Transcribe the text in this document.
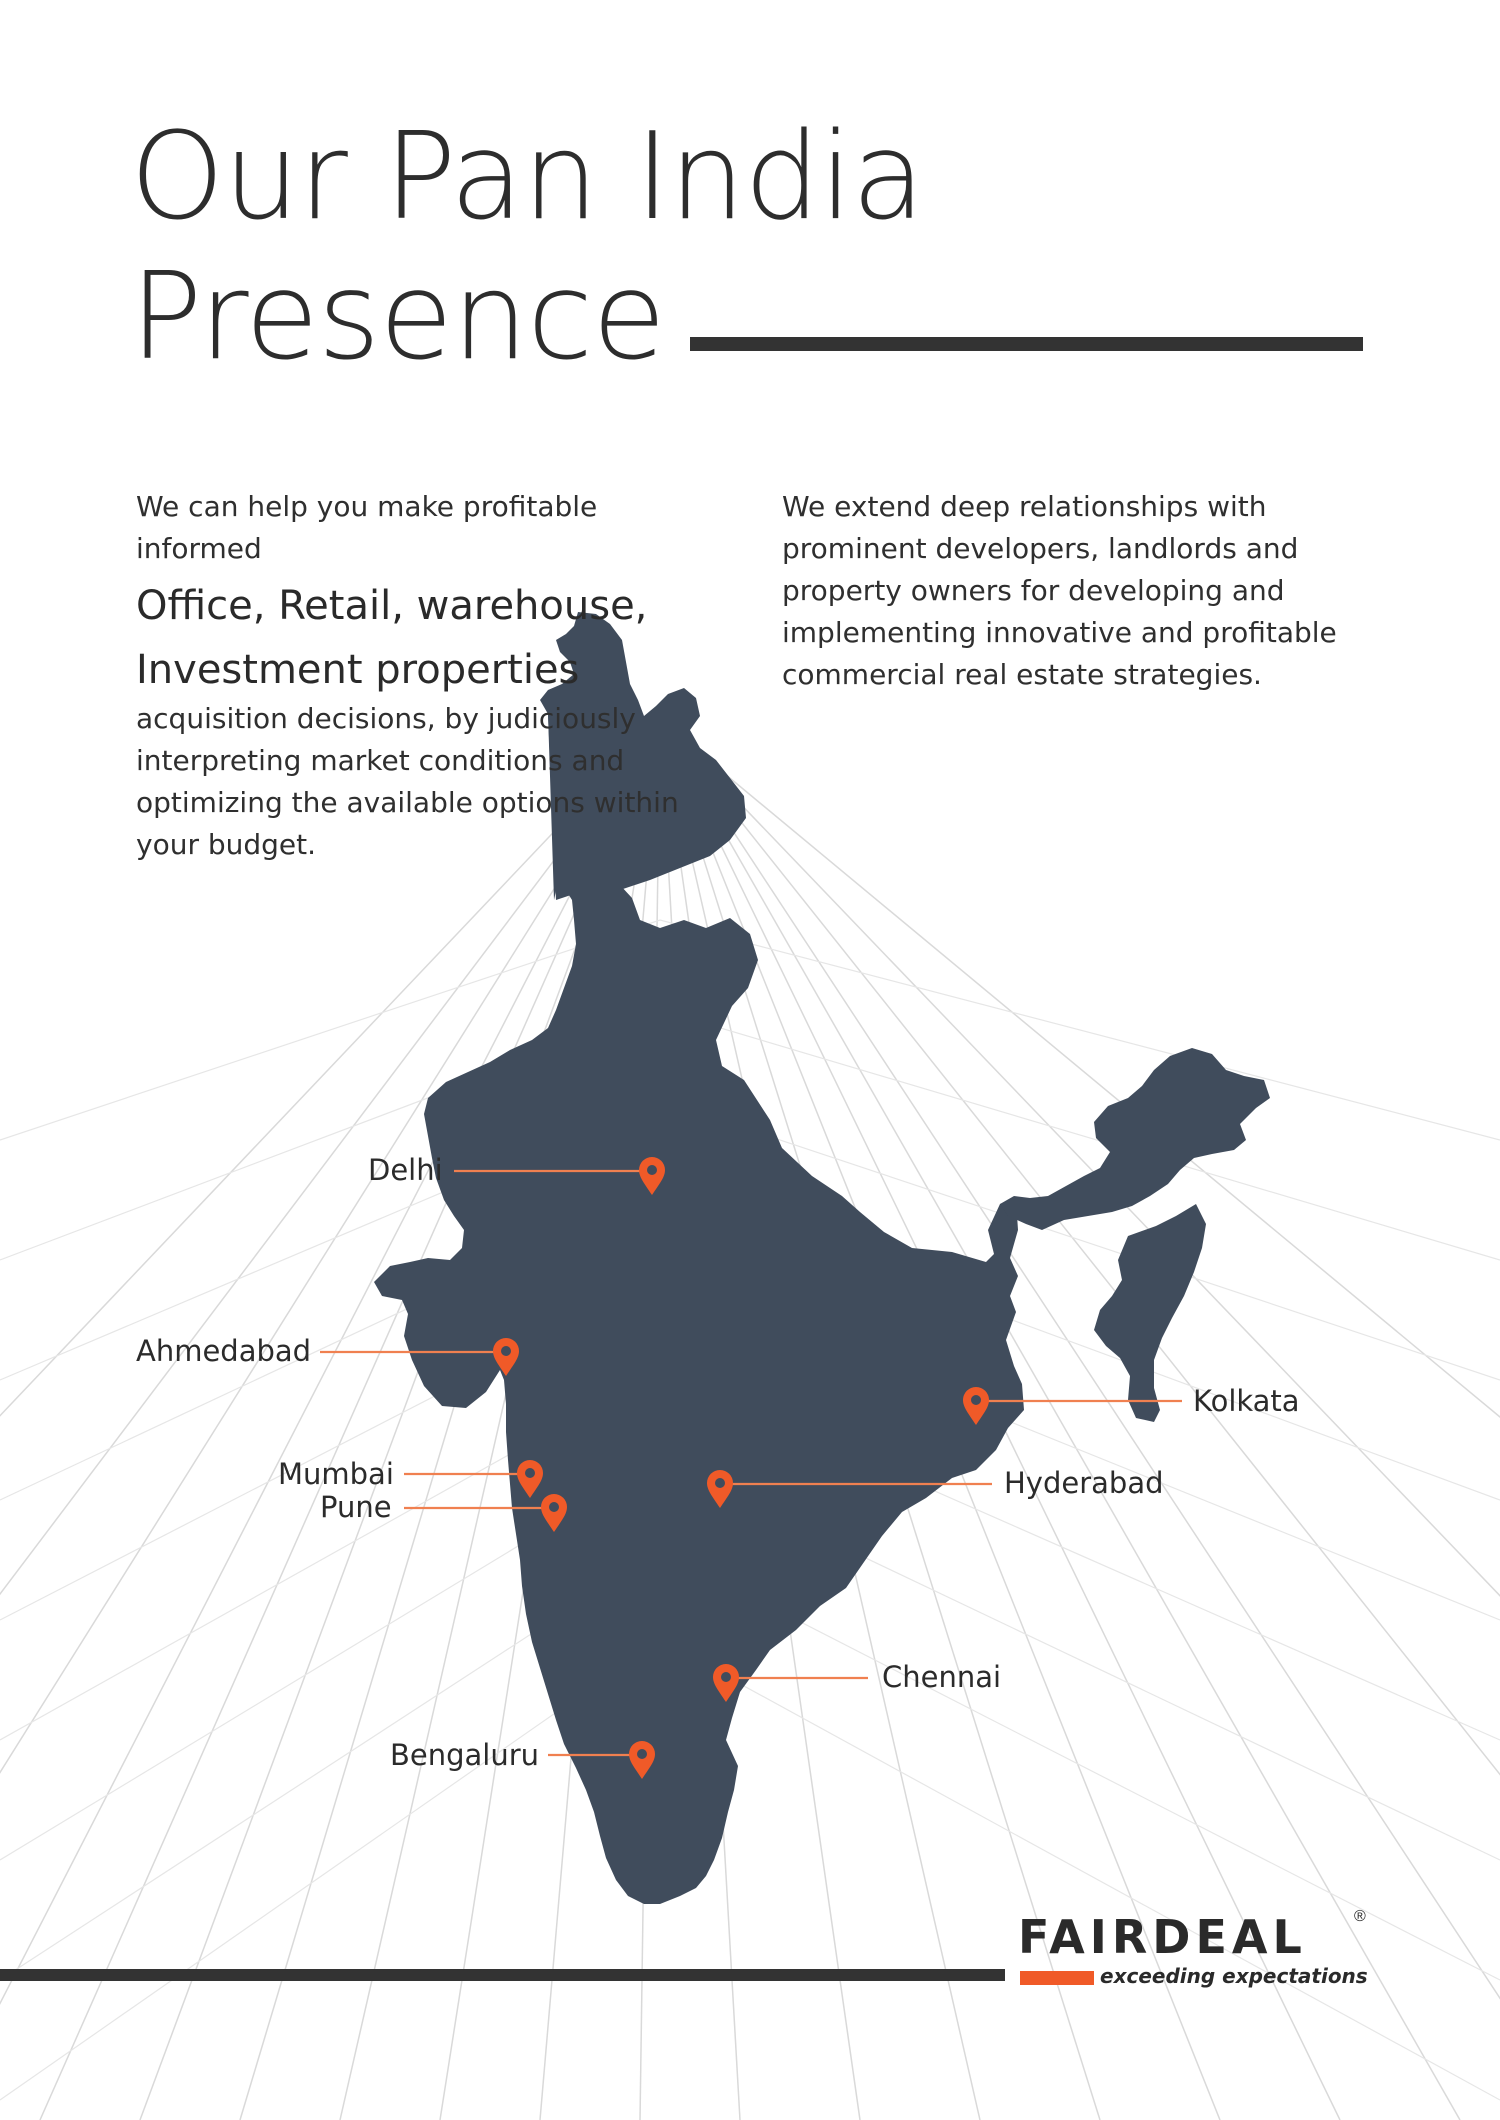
Our Pan India
Presence
We can help you make profitable informed
Office, Retail, warehouse, Investment properties
acquisition decisions, by judiciously interpreting market conditions and optimizing the available options within your budget.
We extend deep relationships with prominent developers, landlords and property owners for developing and implementing innovative and profitable commercial real estate strategies.
Delhi
Ahmedabad
Mumbai
Pune
Kolkata
Hyderabad
Chennai
Bengaluru

FAIRDEAL	®
exceeding expectations
